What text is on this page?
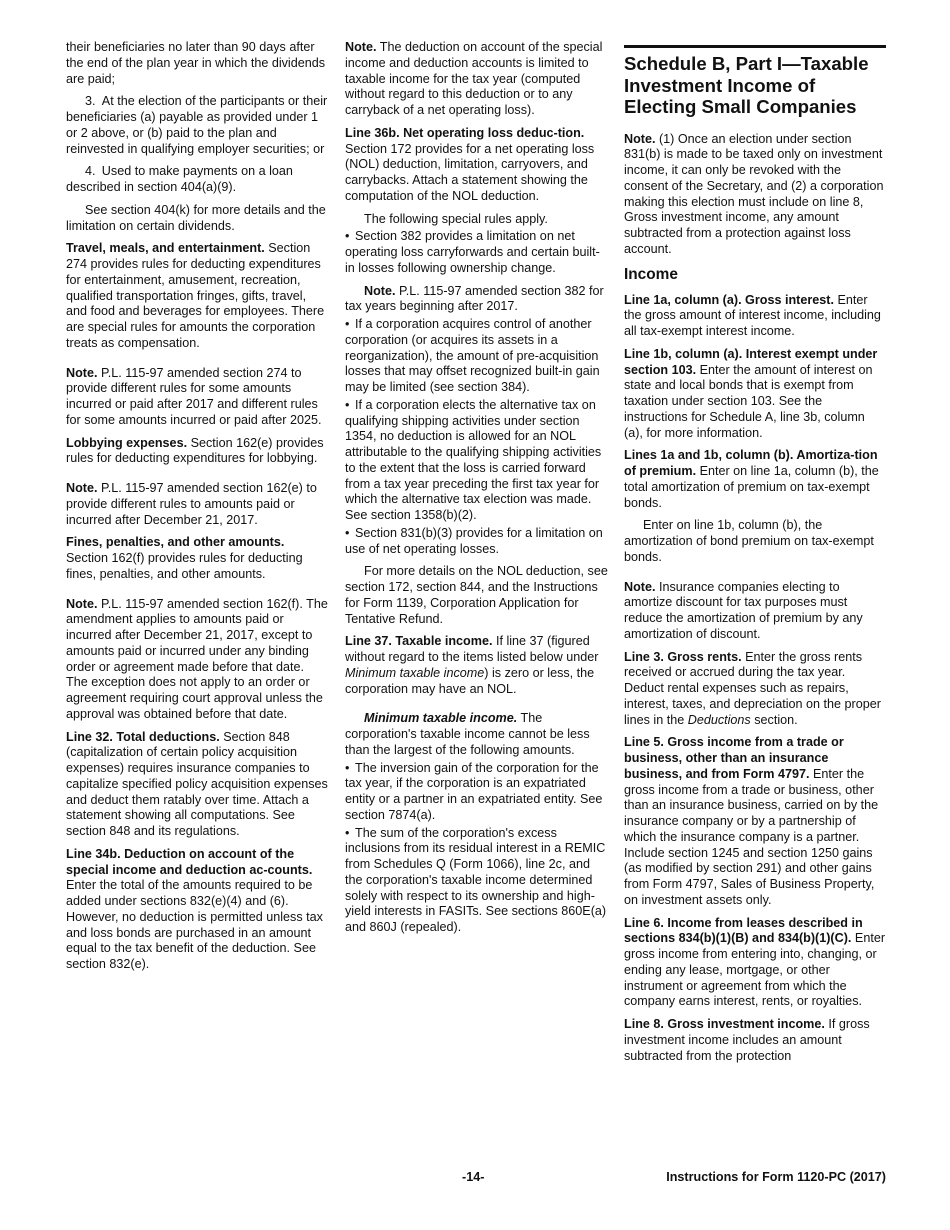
their beneficiaries no later than 90 days after the end of the plan year in which the dividends are paid;

3. At the election of the participants or their beneficiaries (a) payable as provided under 1 or 2 above, or (b) paid to the plan and reinvested in qualifying employer securities; or

4. Used to make payments on a loan described in section 404(a)(9).

See section 404(k) for more details and the limitation on certain dividends.

Travel, meals, and entertainment. Section 274 provides rules for deducting expenditures for entertainment, amusement, recreation, qualified transportation fringes, gifts, travel, and food and beverages for employees. There are special rules for amounts the corporation treats as compensation.

Note. P.L. 115-97 amended section 274 to provide different rules for some amounts incurred or paid after 2017 and different rules for some amounts incurred or paid after 2025.

Lobbying expenses. Section 162(e) provides rules for deducting expenditures for lobbying.

Note. P.L. 115-97 amended section 162(e) to provide different rules to amounts paid or incurred after December 21, 2017.

Fines, penalties, and other amounts. Section 162(f) provides rules for deducting fines, penalties, and other amounts.

Note. P.L. 115-97 amended section 162(f). The amendment applies to amounts paid or incurred after December 21, 2017, except to amounts paid or incurred under any binding order or agreement made before that date. The exception does not apply to an order or agreement requiring court approval unless the approval was obtained before that date.

Line 32. Total deductions. Section 848 (capitalization of certain policy acquisition expenses) requires insurance companies to capitalize specified policy acquisition expenses and deduct them ratably over time. Attach a statement showing all computations. See section 848 and its regulations.

Line 34b. Deduction on account of the special income and deduction ac-counts. Enter the total of the amounts required to be added under sections 832(e)(4) and (6). However, no deduction is permitted unless tax and loss bonds are purchased in an amount equal to the tax benefit of the deduction. See section 832(e).

Note. The deduction on account of the special income and deduction accounts is limited to taxable income for the tax year (computed without regard to this deduction or to any carryback of a net operating loss).

Line 36b. Net operating loss deduc-tion. Section 172 provides for a net operating loss (NOL) deduction, limitation, carryovers, and carrybacks. Attach a statement showing the computation of the NOL deduction.

The following special rules apply.

• Section 382 provides a limitation on net operating loss carryforwards and certain built-in losses following ownership change.

Note. P.L. 115-97 amended section 382 for tax years beginning after 2017.

• If a corporation acquires control of another corporation (or acquires its assets in a reorganization), the amount of pre-acquisition losses that may offset recognized built-in gain may be limited (see section 384).

• If a corporation elects the alternative tax on qualifying shipping activities under section 1354, no deduction is allowed for an NOL attributable to the qualifying shipping activities to the extent that the loss is carried forward from a tax year preceding the first tax year for which the alternative tax election was made. See section 1358(b)(2).

• Section 831(b)(3) provides for a limitation on use of net operating losses.

For more details on the NOL deduction, see section 172, section 844, and the Instructions for Form 1139, Corporation Application for Tentative Refund.

Line 37. Taxable income. If line 37 (figured without regard to the items listed below under Minimum taxable income) is zero or less, the corporation may have an NOL.

Minimum taxable income. The corporation's taxable income cannot be less than the largest of the following amounts.

• The inversion gain of the corporation for the tax year, if the corporation is an expatriated entity or a partner in an expatriated entity. See section 7874(a).

• The sum of the corporation's excess inclusions from its residual interest in a REMIC from Schedules Q (Form 1066), line 2c, and the corporation's taxable income determined solely with respect to its ownership and high-yield interests in FASITs. See sections 860E(a) and 860J (repealed).

Schedule B, Part I—Taxable Investment Income of Electing Small Companies

Note. (1) Once an election under section 831(b) is made to be taxed only on investment income, it can only be revoked with the consent of the Secretary, and (2) a corporation making this election must include on line 8, Gross investment income, any amount subtracted from a protection against loss account.

Income

Line 1a, column (a). Gross interest. Enter the gross amount of interest income, including all tax-exempt interest income.

Line 1b, column (a). Interest exempt under section 103. Enter the amount of interest on state and local bonds that is exempt from taxation under section 103. See the instructions for Schedule A, line 3b, column (a), for more information.

Lines 1a and 1b, column (b). Amortiza-tion of premium. Enter on line 1a, column (b), the total amortization of premium on tax-exempt bonds.

Enter on line 1b, column (b), the amortization of bond premium on tax-exempt bonds.

Note. Insurance companies electing to amortize discount for tax purposes must reduce the amortization of premium by any amortization of discount.

Line 3. Gross rents. Enter the gross rents received or accrued during the tax year. Deduct rental expenses such as repairs, interest, taxes, and depreciation on the proper lines in the Deductions section.

Line 5. Gross income from a trade or business, other than an insurance business, and from Form 4797. Enter the gross income from a trade or business, other than an insurance business, carried on by the insurance company or by a partnership of which the insurance company is a partner. Include section 1245 and section 1250 gains (as modified by section 291) and other gains from Form 4797, Sales of Business Property, on investment assets only.

Line 6. Income from leases described in sections 834(b)(1)(B) and 834(b)(1)(C). Enter gross income from entering into, changing, or ending any lease, mortgage, or other instrument or agreement from which the company earns interest, rents, or royalties.

Line 8. Gross investment income. If gross investment income includes an amount subtracted from the protection

-14-	Instructions for Form 1120-PC (2017)
